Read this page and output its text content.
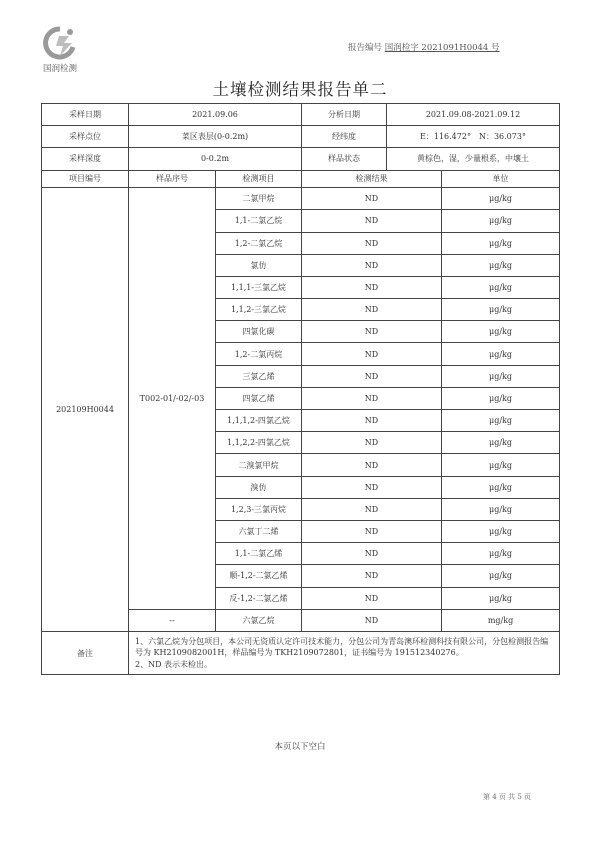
国润检测
报告编号 国润检字 2021091H0044 号
土壤检测结果报告单二
采样日期	2021.09.06		分析日期	2021.09.08-2021.09.12	
采样点位	菜区表层(0-0.2m)		经纬度	E：116.472°　N：36.073°	
采样深度	0-0.2m		样品状态	黄棕色，湿，少量根系，中壤土	
项目编号	样品序号	检测项目	检测结果		单位
202109H0044	T002-01/-02/-03	二氯甲烷	ND		μg/kg
		1,1-二氯乙烷	ND		μg/kg
		1,2-二氯乙烷	ND		μg/kg
		氯仿	ND		μg/kg
		1,1,1-三氯乙烷	ND		μg/kg
		1,1,2-三氯乙烷	ND		μg/kg
		四氯化碳	ND		μg/kg
		1,2-二氯丙烷	ND		μg/kg
		三氯乙烯	ND		μg/kg
		四氯乙烯	ND		μg/kg
		1,1,1,2-四氯乙烷	ND		μg/kg
		1,1,2,2-四氯乙烷	ND		μg/kg
		二溴氯甲烷	ND		μg/kg
		溴仿	ND		μg/kg
		1,2,3-三氯丙烷	ND		μg/kg
		六氯丁二烯	ND		μg/kg
		1,1-二氯乙烯	ND		μg/kg
		顺-1,2-二氯乙烯	ND		μg/kg
		反-1,2-二氯乙烯	ND		μg/kg
	--	六氯乙烷	ND		mg/kg
备注	1、六氯乙烷为分包项目，本公司无资质认定许可技术能力，分包公司为青岛澳环检测科技有限公司，分包检测报告编号为 KH2109082001H，样品编号为 TKH2109072801，证书编号为 191512340276。
2、ND 表示未检出。				
本页以下空白
第 4 页 共 5 页
